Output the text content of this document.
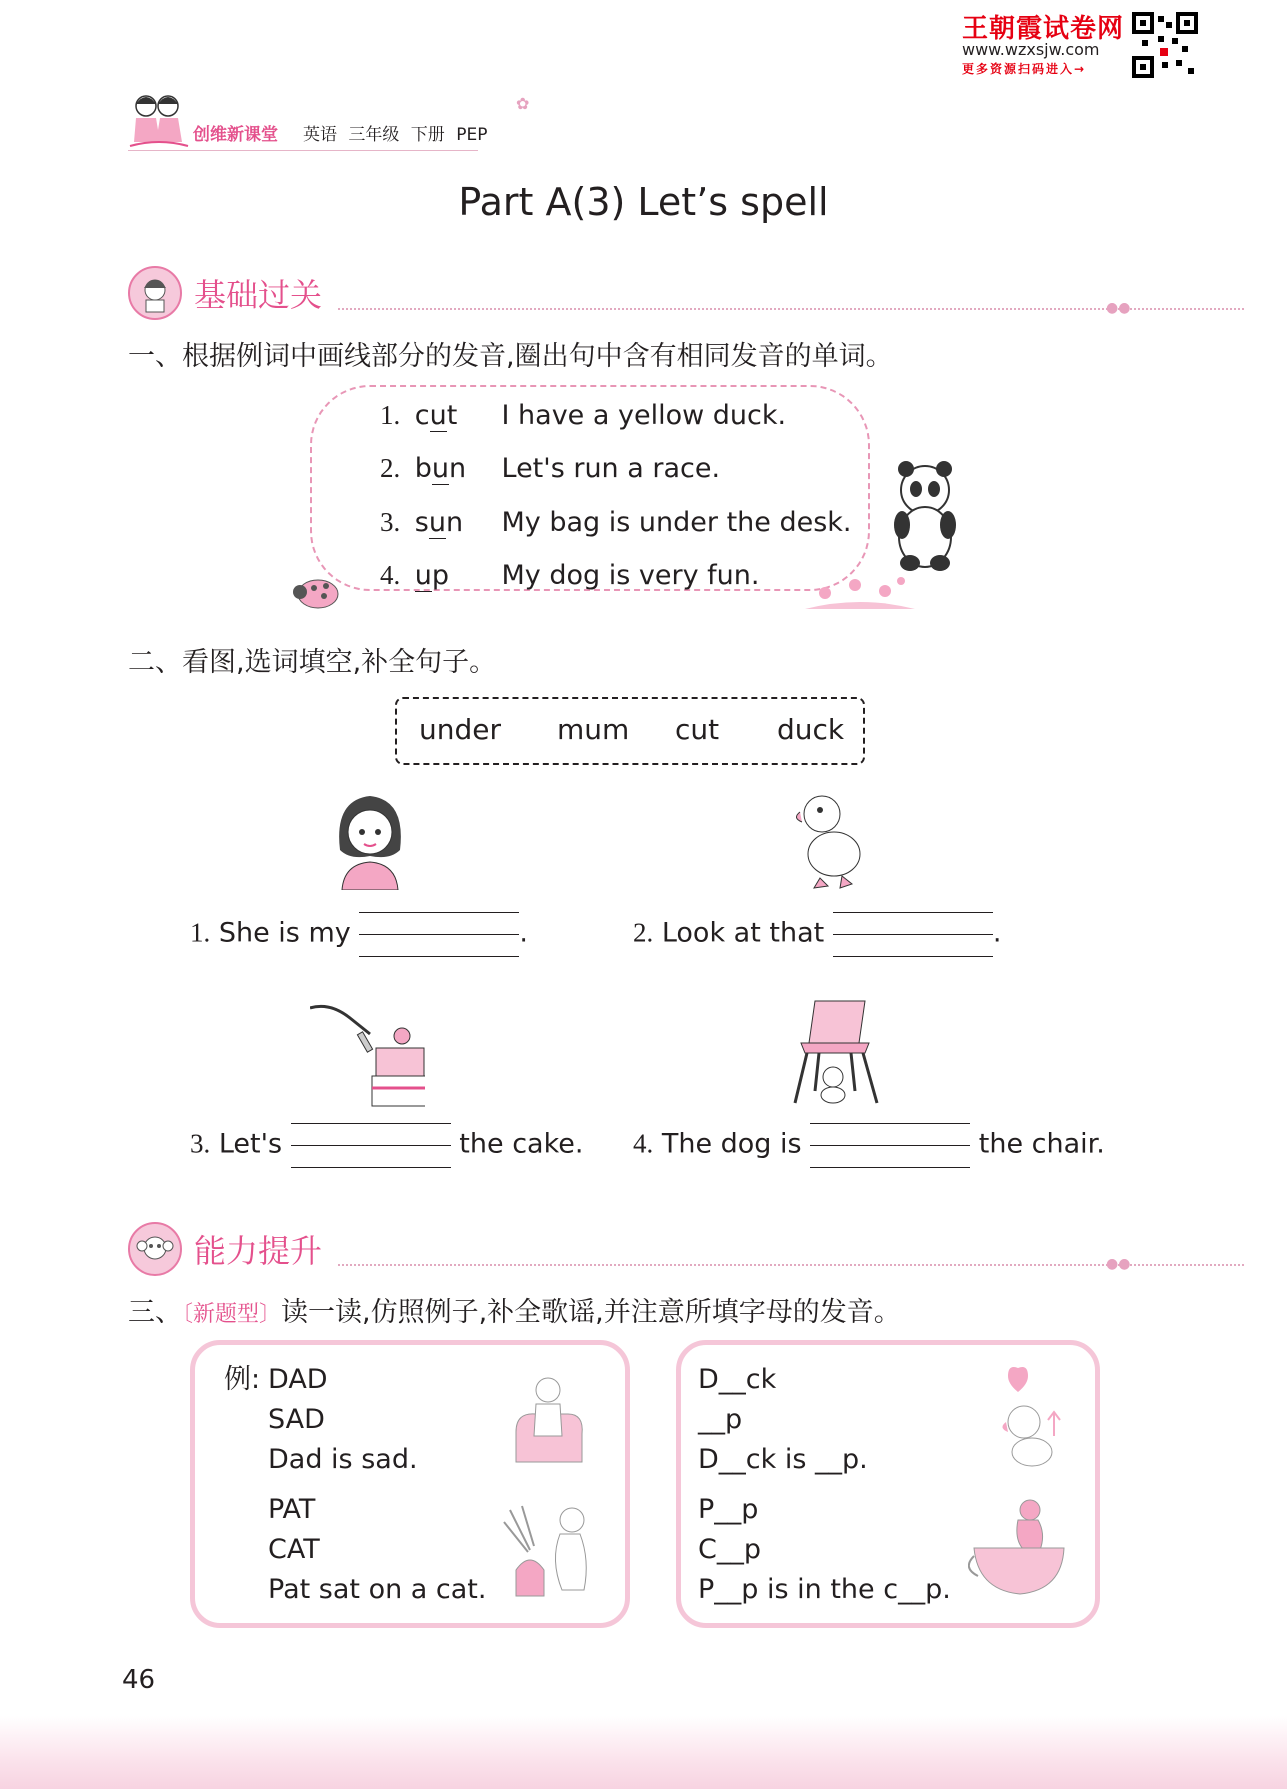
王朝霞试卷网
www.wzxsjw.com
更多资源扫码进入→
创维新课堂 英语 三年级 下册 PEP
✿
Part A(3) Let’s spell
基础过关	●●
一、根据例词中画线部分的发音,圈出句中含有相同发音的单词。
1. cut I have a yellow duck.
2. bun Let's run a race.
3. sun My bag is under the desk.
4. up My dog is very fun.
二、看图,选词填空,补全句子。
under mum cut duck
1. She is my	.	2. Look at that	.
3. Let's	the cake. 4. The dog is	the chair.
能力提升	●●
三、〔新题型〕读一读,仿照例子,补全歌谣,并注意所填字母的发音。
例: DAD
SAD
Dad is sad.
PAT
CAT
Pat sat on a cat.
D__ck
__p
D__ck is __p.
P__p
C__p
P__p is in the c__p.
46
